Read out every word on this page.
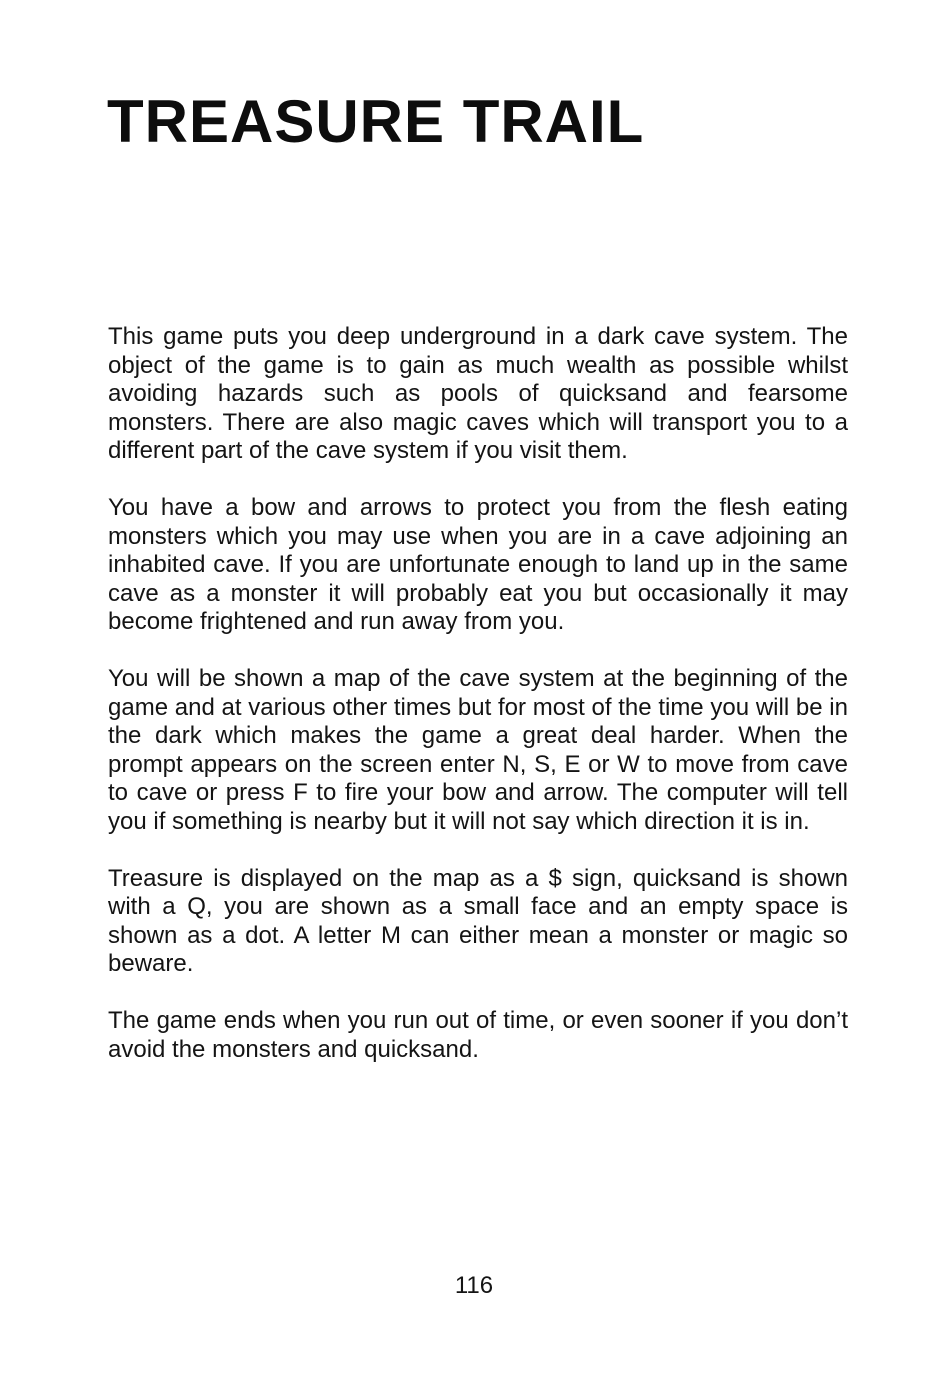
TREASURE TRAIL

This game puts you deep underground in a dark cave system. The object of the game is to gain as much wealth as possible whilst avoiding hazards such as pools of quicksand and fearsome monsters. There are also magic caves which will transport you to a different part of the cave system if you visit them.

You have a bow and arrows to protect you from the flesh eating monsters which you may use when you are in a cave adjoining an inhabited cave. If you are unfortunate enough to land up in the same cave as a monster it will probably eat you but occasionally it may become frightened and run away from you.

You will be shown a map of the cave system at the beginning of the game and at various other times but for most of the time you will be in the dark which makes the game a great deal harder. When the prompt appears on the screen enter N, S, E or W to move from cave to cave or press F to fire your bow and arrow. The computer will tell you if something is nearby but it will not say which direction it is in.

Treasure is displayed on the map as a $ sign, quicksand is shown with a Q, you are shown as a small face and an empty space is shown as a dot. A letter M can either mean a monster or magic so beware.

The game ends when you run out of time, or even sooner if you don’t avoid the monsters and quicksand.

116
